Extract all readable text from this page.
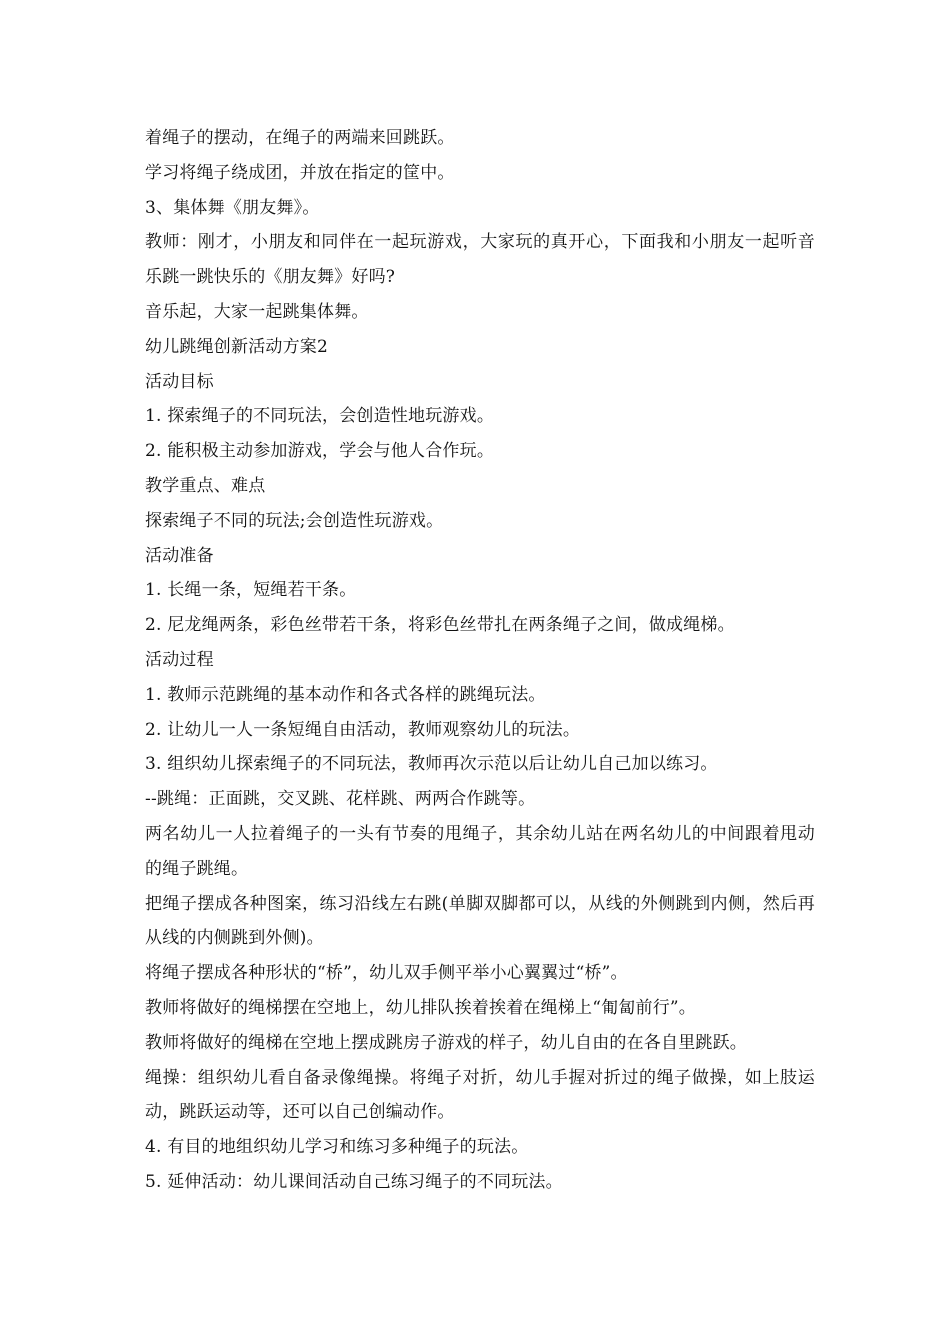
着绳子的摆动，在绳子的两端来回跳跃。

学习将绳子绕成团，并放在指定的筐中。

3、集体舞《朋友舞》。

教师：刚才，小朋友和同伴在一起玩游戏，大家玩的真开心，下面我和小朋友一起听音乐跳一跳快乐的《朋友舞》好吗?

音乐起，大家一起跳集体舞。

幼儿跳绳创新活动方案2

活动目标

1. 探索绳子的不同玩法，会创造性地玩游戏。

2. 能积极主动参加游戏，学会与他人合作玩。

教学重点、难点

探索绳子不同的玩法;会创造性玩游戏。

活动准备

1. 长绳一条，短绳若干条。

2. 尼龙绳两条，彩色丝带若干条，将彩色丝带扎在两条绳子之间，做成绳梯。

活动过程

1. 教师示范跳绳的基本动作和各式各样的跳绳玩法。

2. 让幼儿一人一条短绳自由活动，教师观察幼儿的玩法。

3. 组织幼儿探索绳子的不同玩法，教师再次示范以后让幼儿自己加以练习。

--跳绳：正面跳，交叉跳、花样跳、两两合作跳等。

两名幼儿一人拉着绳子的一头有节奏的甩绳子，其余幼儿站在两名幼儿的中间跟着甩动的绳子跳绳。

把绳子摆成各种图案，练习沿线左右跳(单脚双脚都可以，从线的外侧跳到内侧，然后再从线的内侧跳到外侧)。

将绳子摆成各种形状的“桥”，幼儿双手侧平举小心翼翼过“桥”。

教师将做好的绳梯摆在空地上，幼儿排队挨着挨着在绳梯上“匍匐前行”。

教师将做好的绳梯在空地上摆成跳房子游戏的样子，幼儿自由的在各自里跳跃。

绳操：组织幼儿看自备录像绳操。将绳子对折，幼儿手握对折过的绳子做操，如上肢运动，跳跃运动等，还可以自己创编动作。

4. 有目的地组织幼儿学习和练习多种绳子的玩法。

5. 延伸活动：幼儿课间活动自己练习绳子的不同玩法。
